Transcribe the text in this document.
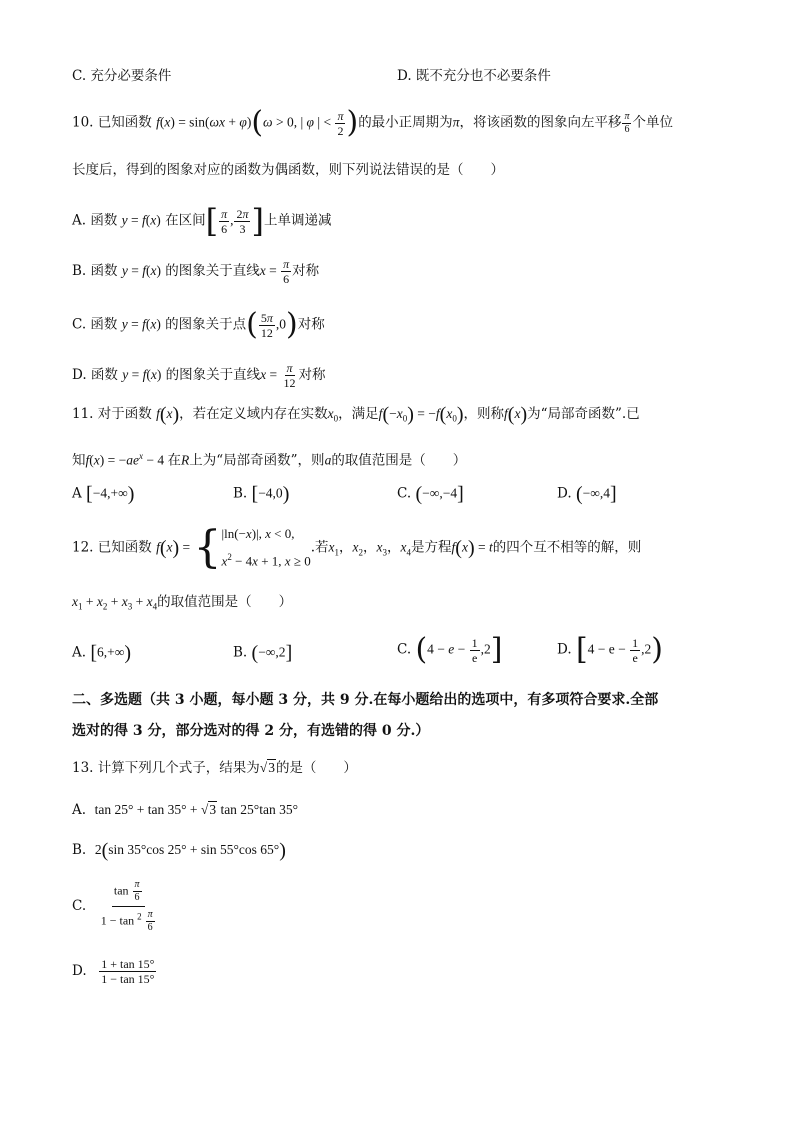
C. 充分必要条件	D. 既不充分也不必要条件
10. 已知函数 f(x) = sin(ωx + φ)(ω > 0, | φ | < $\frac{\pi}{2}$ )的最小正周期为π，将该函数的图象向左平移 $\frac{\pi}{6}$ 个单位
长度后，得到的图象对应的函数为偶函数，则下列说法错误的是（　　）
A. 函数 y = f(x) 在区间[ $\frac{\pi}{6}$ , $\frac{2\pi}{3}$ ]上单调递减
B. 函数 y = f(x) 的图象关于直线$x = \frac{\pi}{6}$ 对称
C. 函数 y = f(x) 的图象关于点( $\frac{5\pi}{12} ,0$)对称
D. 函数 y = f(x) 的图象关于直线$x = \frac{\pi}{12}$ 对称
11. 对于函数 f(x)，若在定义域内存在实数$x_0$，满足$f(-x_0) = -f(x_0)$，则称f(x)为“局部奇函数”.已
知$f(x) = -ae^x - 4$ 在R上为“局部奇函数”，则a的取值范围是（　　）
A [−4,+∞)	B. [−4,0)	C. (−∞,−4]	D. (−∞,4]
12. 已知函数 f(x) = { |ln(−x)|, x < 0,
$x^2 - 4x + 1$, x ≥ 0
.若$x_1$，$x_2$，$x_3$，$x_4$是方程f(x) = t的四个互不相等的解，则
$x_1 + x_2 + x_3 + x_4$的取值范围是（　　）
A. [6,+∞)	B. (−∞,2]	C. $(4 - e - \frac{1}{e} ,2]$	D. $[4 - e - \frac{1}{e} ,2)$
二、多选题（共 3 小题，每小题 3 分，共 9 分.在每小题给出的选项中，有多项符合要求.全部
选对的得 3 分，部分选对的得 2 分，有选错的得 0 分.）
13. 计算下列几个式子，结果为√3的是（　　）
A. tan 25° + tan 35° + √3 tan 25°tan 35°
B. 2(sin 35°cos 25° + sin 55°cos 65°)
C. $\frac{\tan \frac{\pi}{6}}{1 - \tan ^2 \frac{\pi}{6}}$
D. $\frac{1 + \tan 15^\circ}{1 - \tan 15^\circ}$
